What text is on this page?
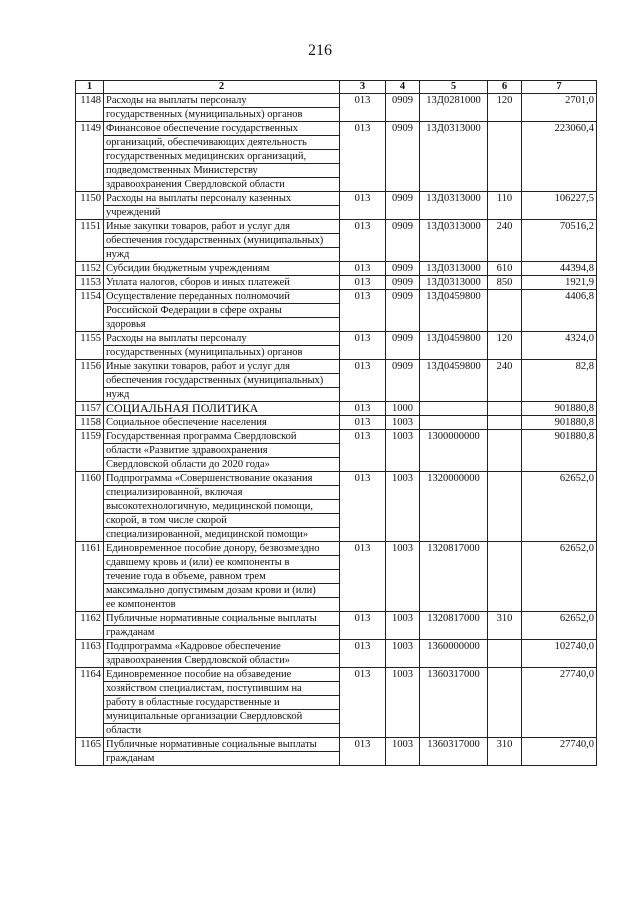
216
1	2	3	4	5	6	7
1148	Расходы на выплаты персоналу
государственных (муниципальных) органов	013	0909	13Д0281000	120	2701,0
1149	Финансовое обеспечение государственных
организаций, обеспечивающих деятельность
государственных медицинских организаций,
подведомственных Министерству
здравоохранения Свердловской области	013	0909	13Д0313000		223060,4
1150	Расходы на выплаты персоналу казенных
учреждений	013	0909	13Д0313000	110	106227,5
1151	Иные закупки товаров, работ и услуг для
обеспечения государственных (муниципальных)
нужд	013	0909	13Д0313000	240	70516,2
1152	Субсидии бюджетным учреждениям	013	0909	13Д0313000	610	44394,8
1153	Уплата налогов, сборов и иных платежей	013	0909	13Д0313000	850	1921,9
1154	Осуществление переданных полномочий
Российской Федерации в сфере охраны
здоровья	013	0909	13Д0459800		4406,8
1155	Расходы на выплаты персоналу
государственных (муниципальных) органов	013	0909	13Д0459800	120	4324,0
1156	Иные закупки товаров, работ и услуг для
обеспечения государственных (муниципальных)
нужд	013	0909	13Д0459800	240	82,8
1157	СОЦИАЛЬНАЯ ПОЛИТИКА	013	1000			901880,8
1158	Социальное обеспечение населения	013	1003			901880,8
1159	Государственная программа Свердловской
области «Развитие здравоохранения
Свердловской области до 2020 года»	013	1003	1300000000		901880,8
1160	Подпрограмма «Совершенствование оказания
специализированной, включая
высокотехнологичную, медицинской помощи,
скорой, в том числе скорой
специализированной, медицинской помощи»	013	1003	1320000000		62652,0
1161	Единовременное пособие донору, безвозмездно
сдавшему кровь и (или) ее компоненты в
течение года в объеме, равном трем
максимально допустимым дозам крови и (или)
ее компонентов	013	1003	1320817000		62652,0
1162	Публичные нормативные социальные выплаты
гражданам	013	1003	1320817000	310	62652,0
1163	Подпрограмма «Кадровое обеспечение
здравоохранения Свердловской области»	013	1003	1360000000		102740,0
1164	Единовременное пособие на обзаведение
хозяйством специалистам, поступившим на
работу в областные государственные и
муниципальные организации Свердловской
области	013	1003	1360317000		27740,0
1165	Публичные нормативные социальные выплаты
гражданам	013	1003	1360317000	310	27740,0
